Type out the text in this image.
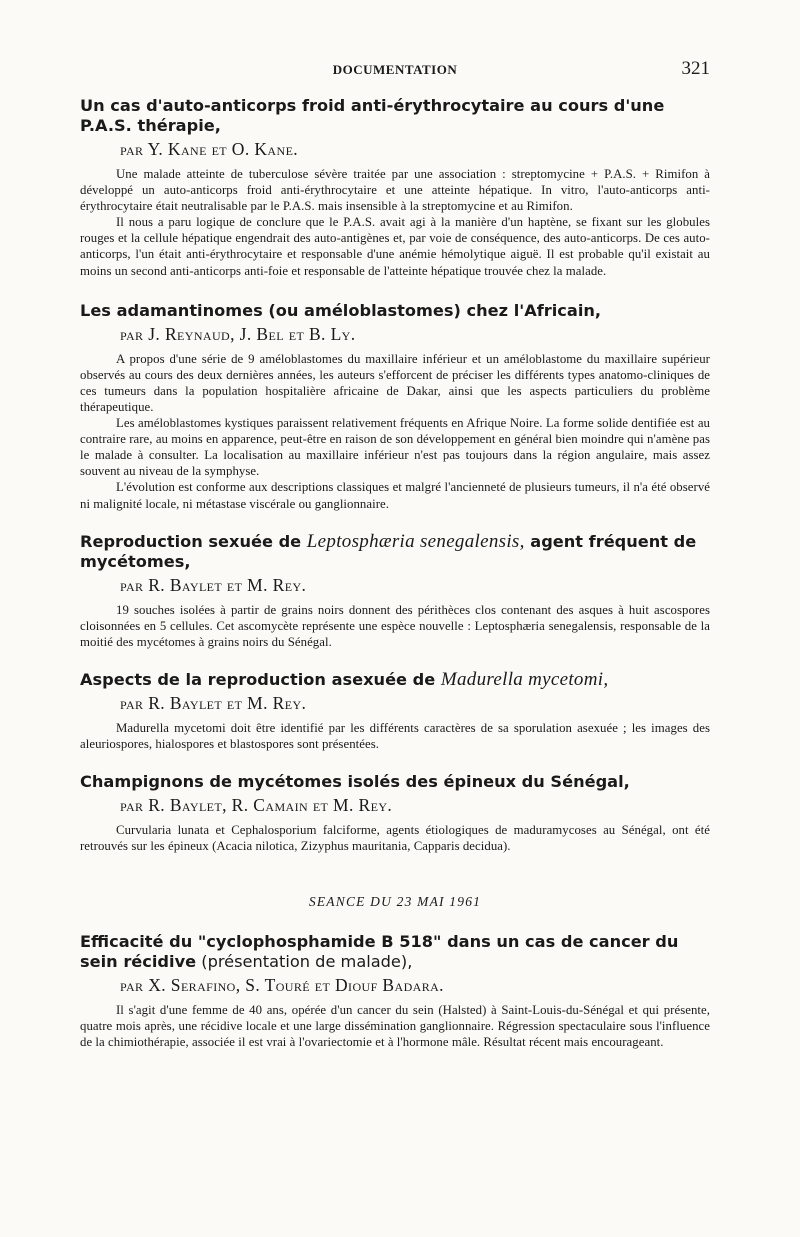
DOCUMENTATION	321
Un cas d'auto-anticorps froid anti-érythrocytaire au cours d'une P.A.S. thérapie,
par Y. Kane et O. Kane.

Une malade atteinte de tuberculose sévère traitée par une association : streptomycine + P.A.S. + Rimifon à développé un auto-anticorps froid anti-érythrocytaire et une atteinte hépatique. In vitro, l'auto-anticorps anti-érythrocytaire était neutralisable par le P.A.S. mais insensible à la streptomycine et au Rimifon.

Il nous a paru logique de conclure que le P.A.S. avait agi à la manière d'un haptène, se fixant sur les globules rouges et la cellule hépatique engendrait des auto-antigènes et, par voie de conséquence, des auto-anticorps. De ces auto-anticorps, l'un était anti-érythrocytaire et responsable d'une anémie hémolytique aiguë. Il est probable qu'il existait au moins un second anti-anticorps anti-foie et responsable de l'atteinte hépatique trouvée chez la malade.

Les adamantinomes (ou améloblastomes) chez l'Africain,
par J. Reynaud, J. Bel et B. Ly.

A propos d'une série de 9 améloblastomes du maxillaire inférieur et un améloblastome du maxillaire supérieur observés au cours des deux dernières années, les auteurs s'efforcent de préciser les différents types anatomo-cliniques de ces tumeurs dans la population hospitalière africaine de Dakar, ainsi que les aspects particuliers du problème thérapeutique.

Les améloblastomes kystiques paraissent relativement fréquents en Afrique Noire. La forme solide dentifiée est au contraire rare, au moins en apparence, peut-être en raison de son développement en général bien moindre qui n'amène pas le malade à consulter. La localisation au maxillaire inférieur n'est pas toujours dans la région angulaire, mais assez souvent au niveau de la symphyse.

L'évolution est conforme aux descriptions classiques et malgré l'ancienneté de plusieurs tumeurs, il n'a été observé ni malignité locale, ni métastase viscérale ou ganglionnaire.

Reproduction sexuée de Leptosphæria senegalensis, agent fréquent de mycétomes,
par R. Baylet et M. Rey.

19 souches isolées à partir de grains noirs donnent des périthèces clos contenant des asques à huit ascospores cloisonnées en 5 cellules. Cet ascomycète représente une espèce nouvelle : Leptosphæria senegalensis, responsable de la moitié des mycétomes à grains noirs du Sénégal.

Aspects de la reproduction asexuée de Madurella mycetomi,
par R. Baylet et M. Rey.

Madurella mycetomi doit être identifié par les différents caractères de sa sporulation asexuée ; les images des aleuriospores, hialospores et blastospores sont présentées.

Champignons de mycétomes isolés des épineux du Sénégal,
par R. Baylet, R. Camain et M. Rey.

Curvularia lunata et Cephalosporium falciforme, agents étiologiques de maduramycoses au Sénégal, ont été retrouvés sur les épineux (Acacia nilotica, Zizyphus mauritania, Capparis decidua).

SEANCE DU 23 MAI 1961

Efficacité du "cyclophosphamide B 518" dans un cas de cancer du sein récidive (présentation de malade),
par X. Serafino, S. Touré et Diouf Badara.

Il s'agit d'une femme de 40 ans, opérée d'un cancer du sein (Halsted) à Saint-Louis-du-Sénégal et qui présente, quatre mois après, une récidive locale et une large dissémination ganglionnaire. Régression spectaculaire sous l'influence de la chimiothérapie, associée il est vrai à l'ovariectomie et à l'hormone mâle. Résultat récent mais encourageant.
